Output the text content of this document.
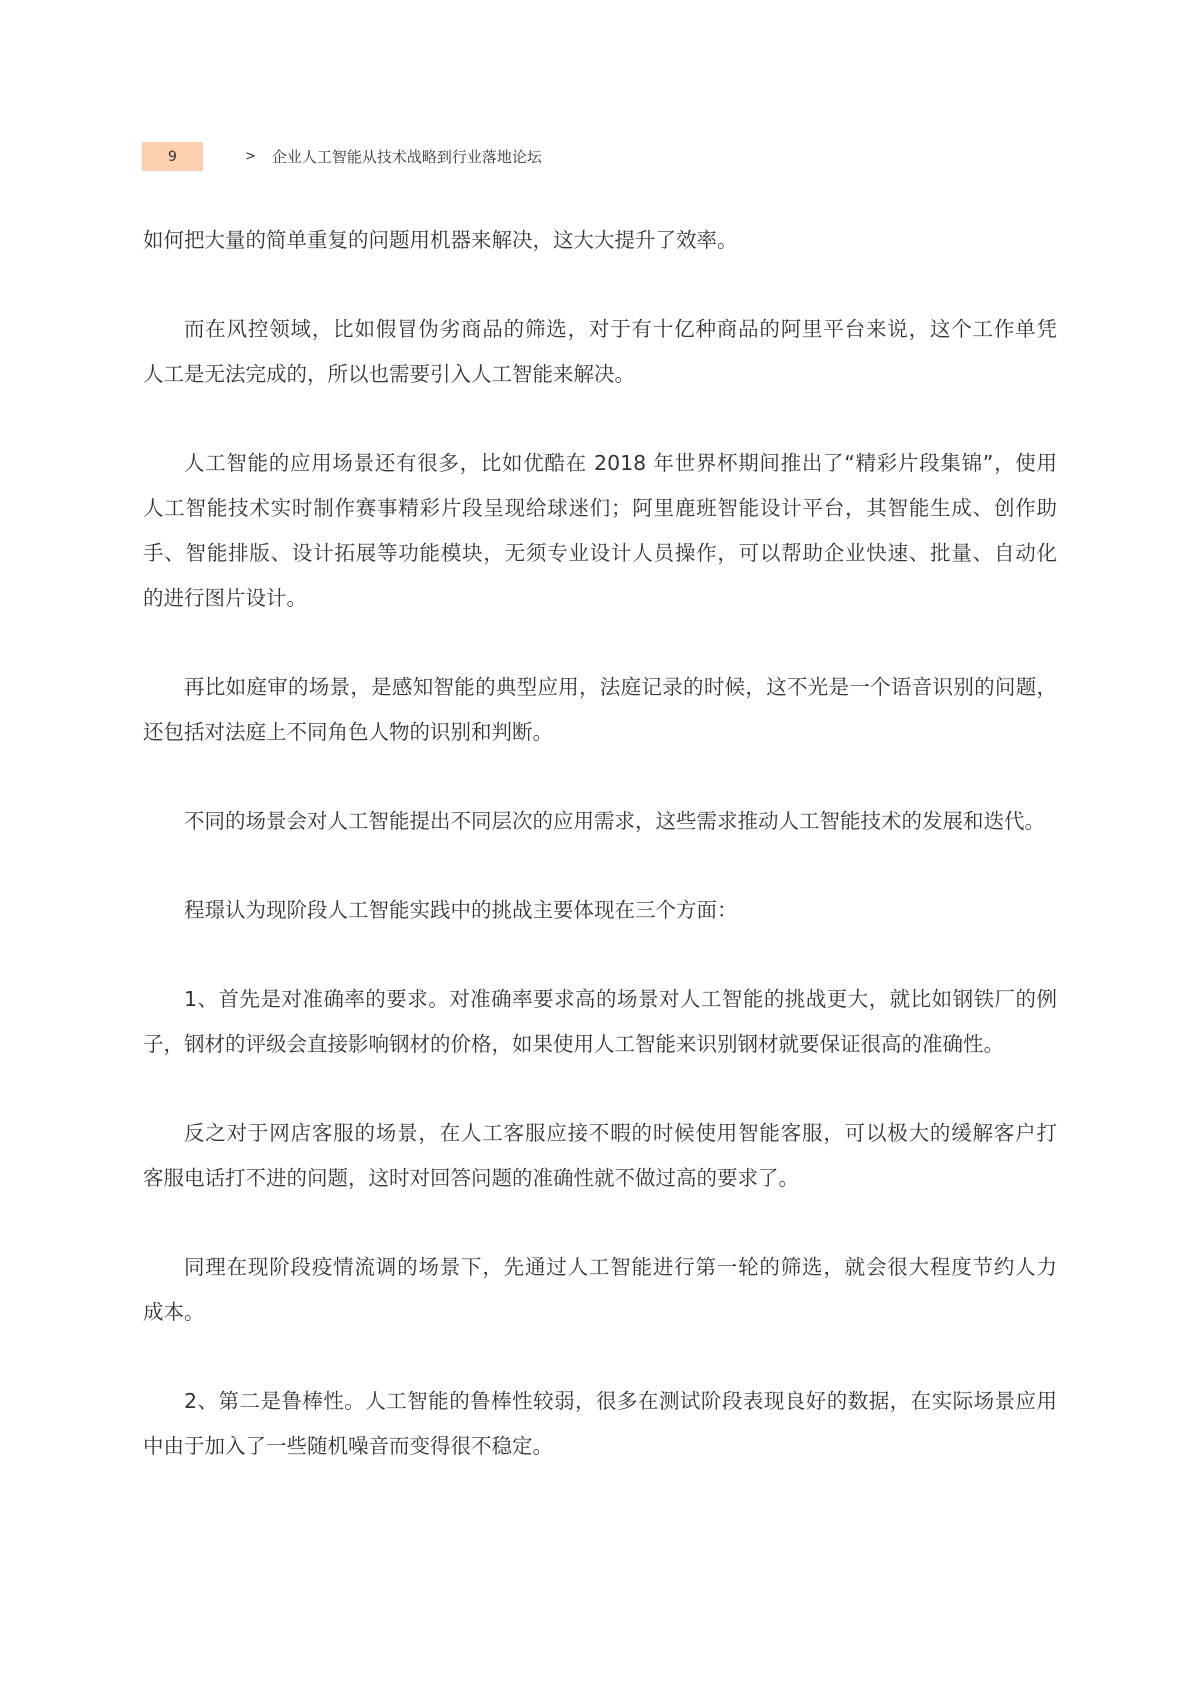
9	> 企业人工智能从技术战略到行业落地论坛
如何把大量的简单重复的问题用机器来解决，这大大提升了效率。
而在风控领域，比如假冒伪劣商品的筛选，对于有十亿种商品的阿里平台来说，这个工作单凭
人工是无法完成的，所以也需要引入人工智能来解决。
人工智能的应用场景还有很多，比如优酷在 2018 年世界杯期间推出了“精彩片段集锦”，使用
人工智能技术实时制作赛事精彩片段呈现给球迷们；阿里鹿班智能设计平台，其智能生成、创作助
手、智能排版、设计拓展等功能模块，无须专业设计人员操作，可以帮助企业快速、批量、自动化
的进行图片设计。
再比如庭审的场景，是感知智能的典型应用，法庭记录的时候，这不光是一个语音识别的问题，
还包括对法庭上不同角色人物的识别和判断。
不同的场景会对人工智能提出不同层次的应用需求，这些需求推动人工智能技术的发展和迭代。
程璟认为现阶段人工智能实践中的挑战主要体现在三个方面：
1、首先是对准确率的要求。对准确率要求高的场景对人工智能的挑战更大，就比如钢铁厂的例
子，钢材的评级会直接影响钢材的价格，如果使用人工智能来识别钢材就要保证很高的准确性。
反之对于网店客服的场景，在人工客服应接不暇的时候使用智能客服，可以极大的缓解客户打
客服电话打不进的问题，这时对回答问题的准确性就不做过高的要求了。
同理在现阶段疫情流调的场景下，先通过人工智能进行第一轮的筛选，就会很大程度节约人力
成本。
2、第二是鲁棒性。人工智能的鲁棒性较弱，很多在测试阶段表现良好的数据，在实际场景应用
中由于加入了一些随机噪音而变得很不稳定。
